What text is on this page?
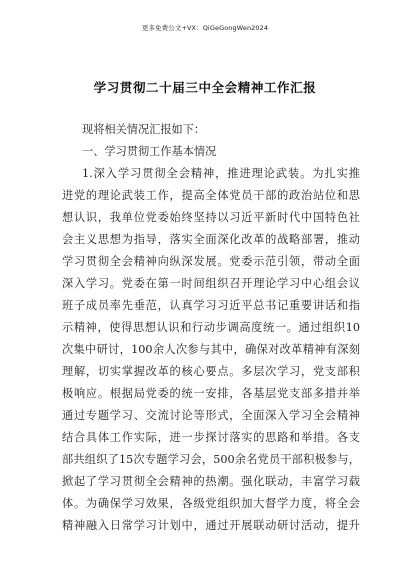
更多免费公文+VX：QiGeGongWen2024
学习贯彻二十届三中全会精神工作汇报
现将相关情况汇报如下：
一、学习贯彻工作基本情况
1.深入学习贯彻全会精神，推进理论武装。为扎实推
进党的理论武装工作，提高全体党员干部的政治站位和思
想认识，我单位党委始终坚持以习近平新时代中国特色社
会主义思想为指导，落实全面深化改革的战略部署，推动
学习贯彻全会精神向纵深发展。党委示范引领，带动全面
深入学习。党委在第一时间组织召开理论学习中心组会议
班子成员率先垂范，认真学习习近平总书记重要讲话和指
示精神，使得思想认识和行动步调高度统一。通过组织10
次集中研讨，100余人次参与其中，确保对改革精神有深刻
理解，切实掌握改革的核心要点。多层次学习，党支部积
极响应。根据局党委的统一安排，各基层党支部多措并举
通过专题学习、交流讨论等形式，全面深入学习全会精神
结合具体工作实际，进一步探讨落实的思路和举措。各支
部共组织了15次专题学习会，500余名党员干部积极参与，
掀起了学习贯彻全会精神的热潮。强化联动，丰富学习载
体。为确保学习效果，各级党组织加大督学力度，将全会
精神融入日常学习计划中，通过开展联动研讨活动，提升
